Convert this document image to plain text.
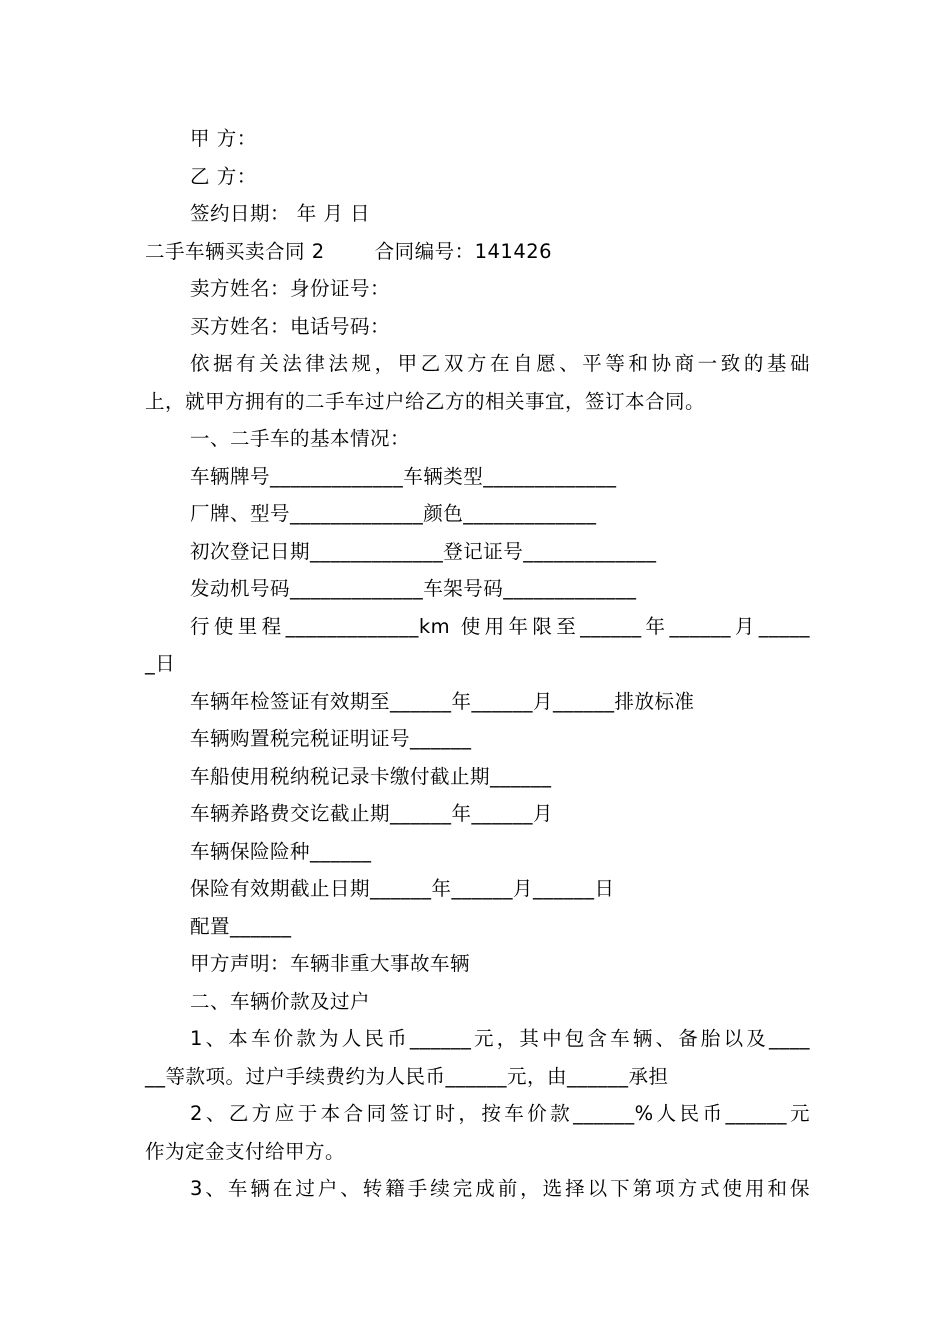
甲 方：
乙 方：
签约日期： 年 月 日
二手车辆买卖合同 2	合同编号：141426
卖方姓名：身份证号：
买方姓名：电话号码：
依据有关法律法规，甲乙双方在自愿、平等和协商一致的基础
上，就甲方拥有的二手车过户给乙方的相关事宜，签订本合同。
一、二手车的基本情况：
车辆牌号_____________车辆类型_____________
厂牌、型号_____________颜色_____________
初次登记日期_____________登记证号_____________
发动机号码_____________车架号码_____________
行使里程_____________km 使用年限至______年______月_____
_日
车辆年检签证有效期至______年______月______排放标准
车辆购置税完税证明证号______
车船使用税纳税记录卡缴付截止期______
车辆养路费交讫截止期______年______月
车辆保险险种______
保险有效期截止日期______年______月______日
配置______
甲方声明：车辆非重大事故车辆
二、车辆价款及过户
1、本车价款为人民币______元，其中包含车辆、备胎以及____
__等款项。过户手续费约为人民币______元，由______承担
2、乙方应于本合同签订时，按车价款______%人民币______元
作为定金支付给甲方。
3、车辆在过户、转籍手续完成前，选择以下第项方式使用和保
